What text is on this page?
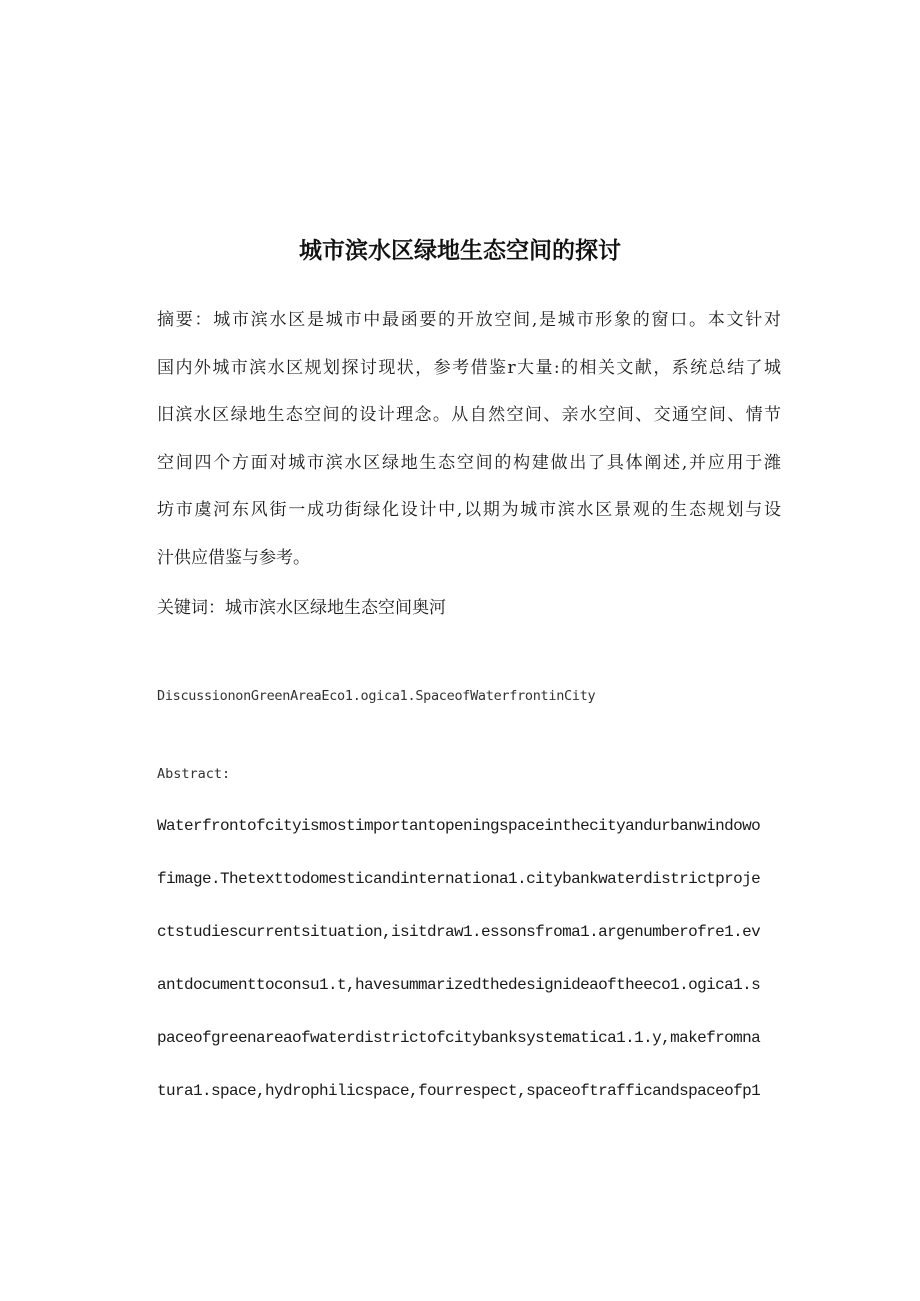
城市滨水区绿地生态空间的探讨
摘要：城市滨水区是城市中最函要的开放空间,是城市形象的窗口。本文针对
国内外城市滨水区规划探讨现状，参考借鉴r大量:的相关文献，系统总结了城
旧滨水区绿地生态空间的设计理念。从自然空间、亲水空间、交通空间、情节
空间四个方面对城市滨水区绿地生态空间的构建做出了具体阐述,并应用于潍
坊市虞河东风街一成功街绿化设计中,以期为城市滨水区景观的生态规划与设
汁供应借鉴与参考。
关键词：城市滨水区绿地生态空间奥河
DiscussiononGreenAreaEco1.ogica1.SpaceofWaterfrontinCity
Abstract:
Waterfrontofcityismostimportantopeningspaceinthecityandurbanwindowo
fimage.Thetexttodomesticandinternationa1.citybankwaterdistrictproje
ctstudiescurrentsituation,isitdraw1.essonsfroma1.argenumberofre1.ev
antdocumenttoconsu1.t,havesummarizedthedesignideaoftheeco1.ogica1.s
paceofgreenareaofwaterdistrictofcitybanksystematica1.1.y,makefromna
tura1.space,hydrophilicspace,fourrespect,spaceoftrafficandspaceofp1
